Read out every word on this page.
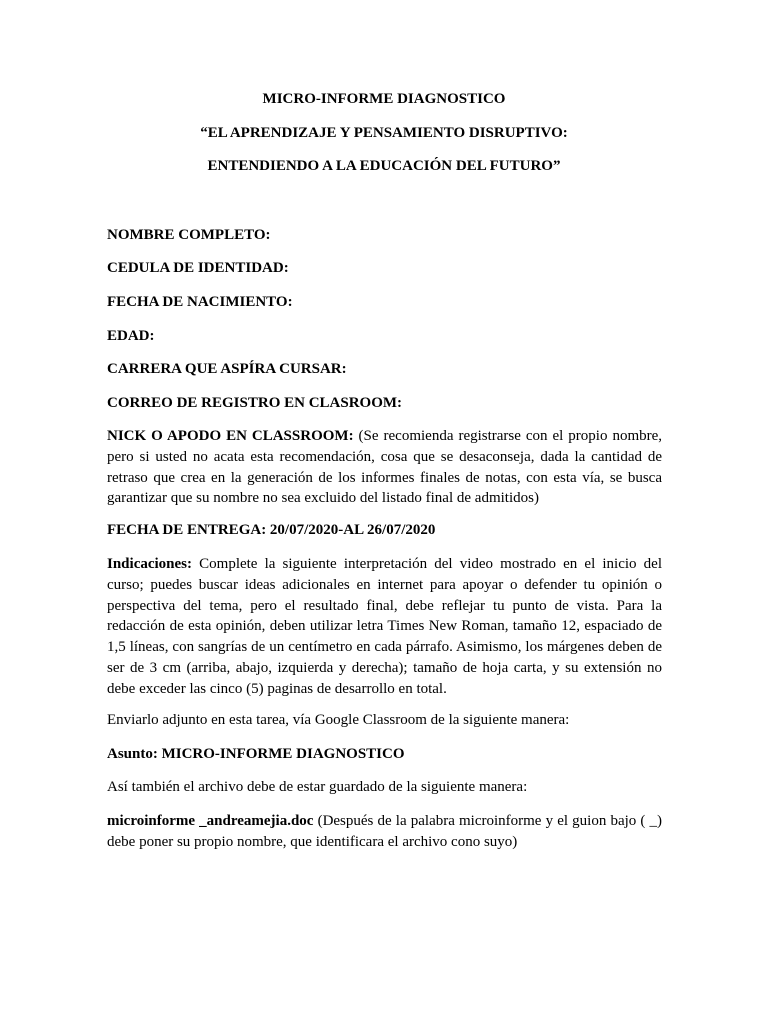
MICRO-INFORME DIAGNOSTICO
“EL APRENDIZAJE Y PENSAMIENTO DISRUPTIVO:
ENTENDIENDO A LA EDUCACIÓN DEL FUTURO”
NOMBRE COMPLETO:
CEDULA DE IDENTIDAD:
FECHA DE NACIMIENTO:
EDAD:
CARRERA QUE ASPÍRA CURSAR:
CORREO DE REGISTRO EN CLASROOM:
NICK O APODO EN CLASSROOM: (Se recomienda registrarse con el propio nombre, pero si usted no acata esta recomendación, cosa que se desaconseja, dada la cantidad de retraso que crea en la generación de los informes finales de notas, con esta vía, se busca garantizar que su nombre no sea excluido del listado final de admitidos)
FECHA DE ENTREGA: 20/07/2020-AL 26/07/2020
Indicaciones: Complete la siguiente interpretación del video mostrado en el inicio del curso; puedes buscar ideas adicionales en internet para apoyar o defender tu opinión o perspectiva del tema, pero el resultado final, debe reflejar tu punto de vista. Para la redacción de esta opinión, deben utilizar letra Times New Roman, tamaño 12, espaciado de 1,5 líneas, con sangrías de un centímetro en cada párrafo. Asimismo, los márgenes deben de ser de 3 cm (arriba, abajo, izquierda y derecha); tamaño de hoja carta, y su extensión no debe exceder las cinco (5) paginas de desarrollo en total.
Enviarlo adjunto en esta tarea, vía Google Classroom de la siguiente manera:
Asunto: MICRO-INFORME DIAGNOSTICO
Así también el archivo debe de estar guardado de la siguiente manera:
microinforme _andreamejia.doc (Después de la palabra microinforme y el guion bajo ( _) debe poner su propio nombre, que identificara el archivo cono suyo)
